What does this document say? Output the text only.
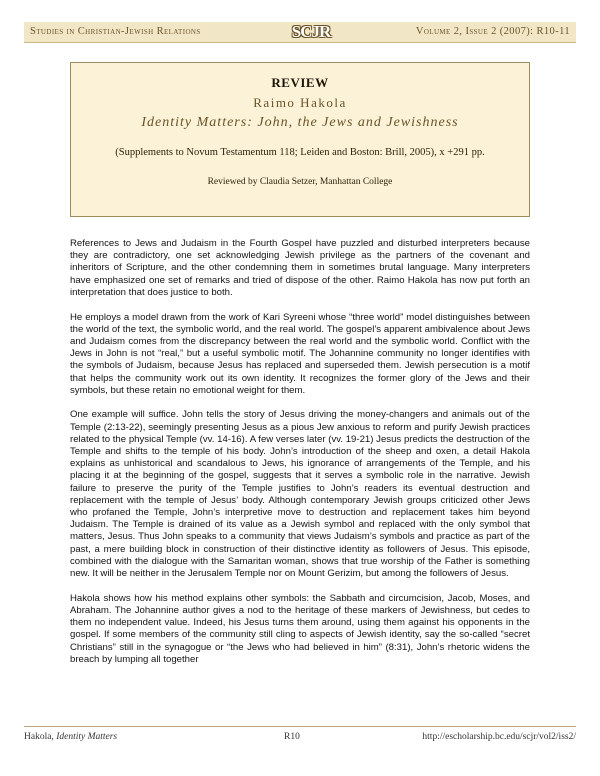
Studies in Christian-Jewish Relations	SCJR	Volume 2, Issue 2 (2007): R10-11
REVIEW
Raimo Hakola
Identity Matters: John, the Jews and Jewishness
(Supplements to Novum Testamentum 118; Leiden and Boston: Brill, 2005), x +291 pp.
Reviewed by Claudia Setzer, Manhattan College

References to Jews and Judaism in the Fourth Gospel have puzzled and disturbed interpreters because they are contradictory, one set acknowledging Jewish privilege as the partners of the covenant and inheritors of Scripture, and the other condemning them in sometimes brutal language. Many interpreters have emphasized one set of remarks and tried of dispose of the other. Raimo Hakola has now put forth an interpretation that does justice to both.

He employs a model drawn from the work of Kari Syreeni whose “three world” model distinguishes between the world of the text, the symbolic world, and the real world. The gospel’s apparent ambivalence about Jews and Judaism comes from the discrepancy between the real world and the symbolic world. Conflict with the Jews in John is not “real,” but a useful symbolic motif. The Johannine community no longer identifies with the symbols of Judaism, because Jesus has replaced and superseded them. Jewish persecution is a motif that helps the community work out its own identity. It recognizes the former glory of the Jews and their symbols, but these retain no emotional weight for them.

One example will suffice. John tells the story of Jesus driving the money-changers and animals out of the Temple (2:13-22), seemingly presenting Jesus as a pious Jew anxious to reform and purify Jewish practices related to the physical Temple (vv. 14-16). A few verses later (vv. 19-21) Jesus predicts the destruction of the Temple and shifts to the temple of his body. John’s introduction of the sheep and oxen, a detail Hakola explains as unhistorical and scandalous to Jews, his ignorance of arrangements of the Temple, and his placing it at the beginning of the gospel, suggests that it serves a symbolic role in the narrative. Jewish failure to preserve the purity of the Temple justifies to John’s readers its eventual destruction and replacement with the temple of Jesus’ body. Although contemporary Jewish groups criticized other Jews who profaned the Temple, John’s interpretive move to destruction and replacement takes him beyond Judaism. The Temple is drained of its value as a Jewish symbol and replaced with the only symbol that matters, Jesus. Thus John speaks to a community that views Judaism’s symbols and practice as part of the past, a mere building block in construction of their distinctive identity as followers of Jesus. This episode, combined with the dialogue with the Samaritan woman, shows that true worship of the Father is something new. It will be neither in the Jerusalem Temple nor on Mount Gerizim, but among the followers of Jesus.

Hakola shows how his method explains other symbols: the Sabbath and circumcision, Jacob, Moses, and Abraham. The Johannine author gives a nod to the heritage of these markers of Jewishness, but cedes to them no independent value. Indeed, his Jesus turns them around, using them against his opponents in the gospel. If some members of the community still cling to aspects of Jewish identity, say the so-called “secret Christians” still in the synagogue or “the Jews who had believed in him” (8:31), John’s rhetoric widens the breach by lumping all together

Hakola, Identity Matters	R10	http://escholarship.bc.edu/scjr/vol2/iss2/
